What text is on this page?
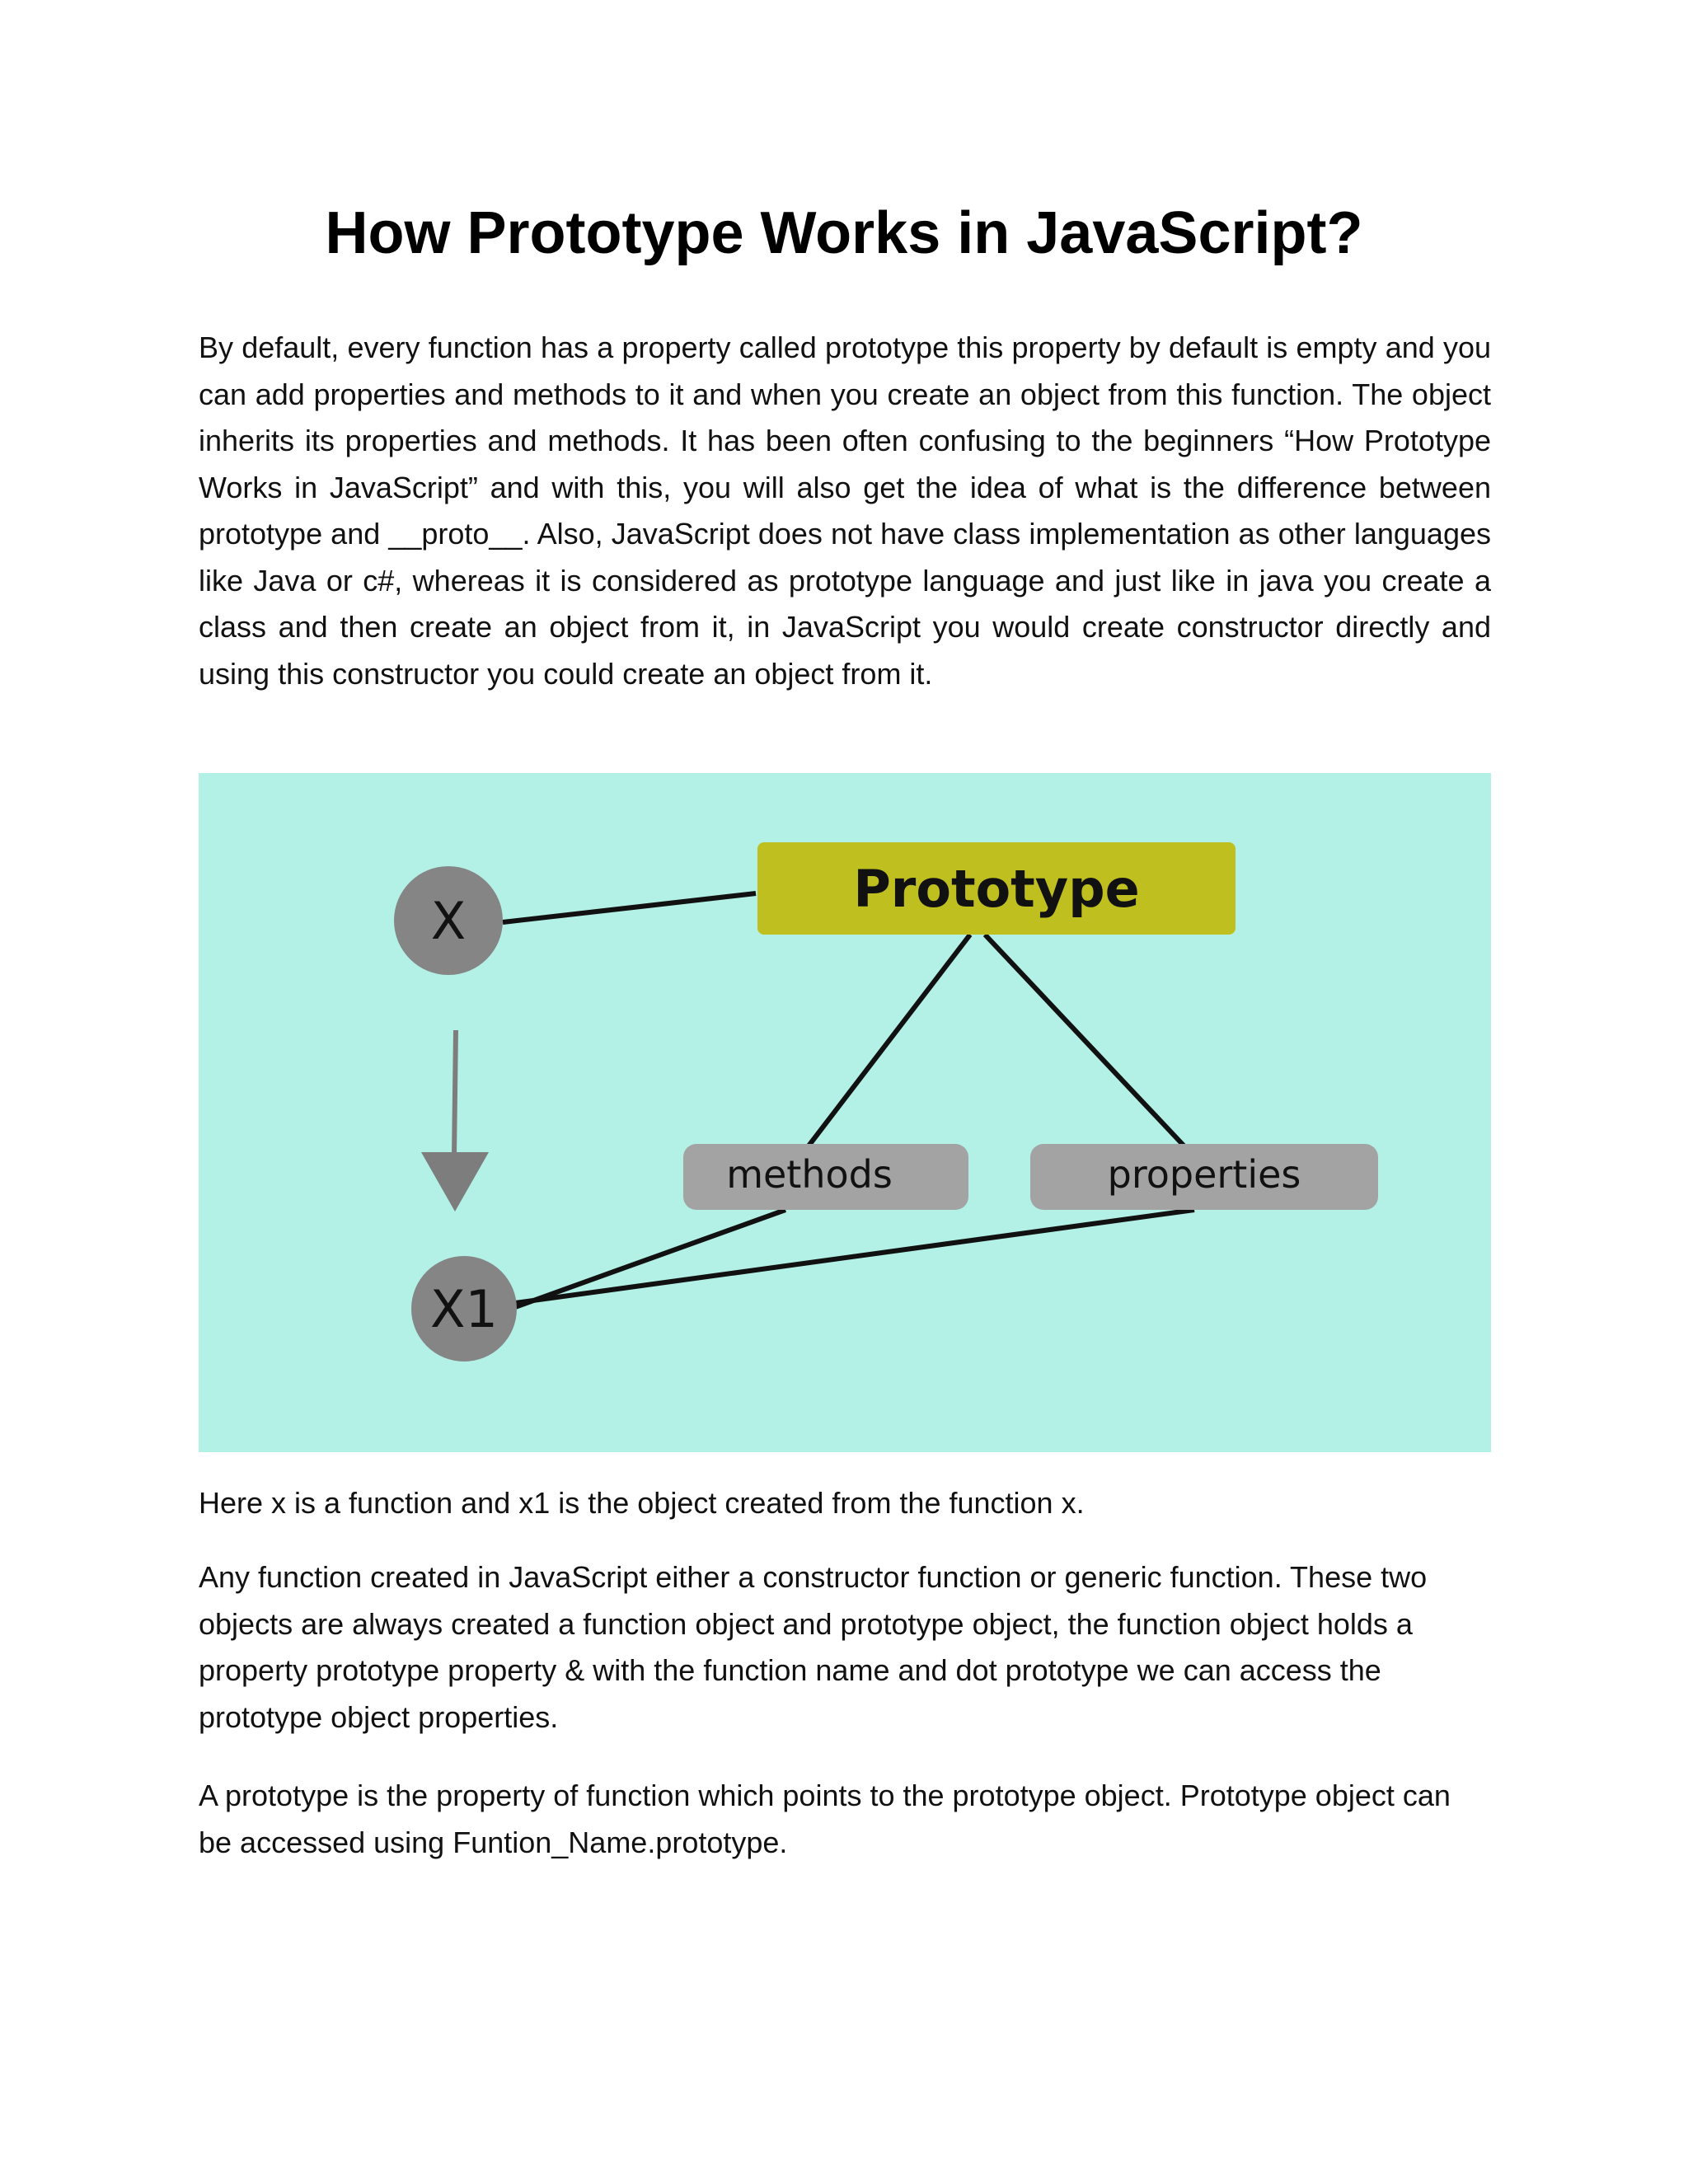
How Prototype Works in JavaScript?

By default, every function has a property called prototype this property by default is empty and you can add properties and methods to it and when you create an object from this function. The object inherits its properties and methods. It has been often confusing to the beginners “How Prototype Works in JavaScript” and with this, you will also get the idea of what is the difference between prototype and __proto__. Also, JavaScript does not have class implementation as other languages like Java or c#, whereas it is considered as prototype language and just like in java you create a class and then create an object from it, in JavaScript you would create constructor directly and using this constructor you could create an object from it.

Prototype
X
X1
methods	properties

Here x is a function and x1 is the object created from the function x.

Any function created in JavaScript either a constructor function or generic function. These two objects are always created a function object and prototype object, the function object holds a property prototype property & with the function name and dot prototype we can access the prototype object properties.

A prototype is the property of function which points to the prototype object. Prototype object can be accessed using Funtion_Name.prototype.
